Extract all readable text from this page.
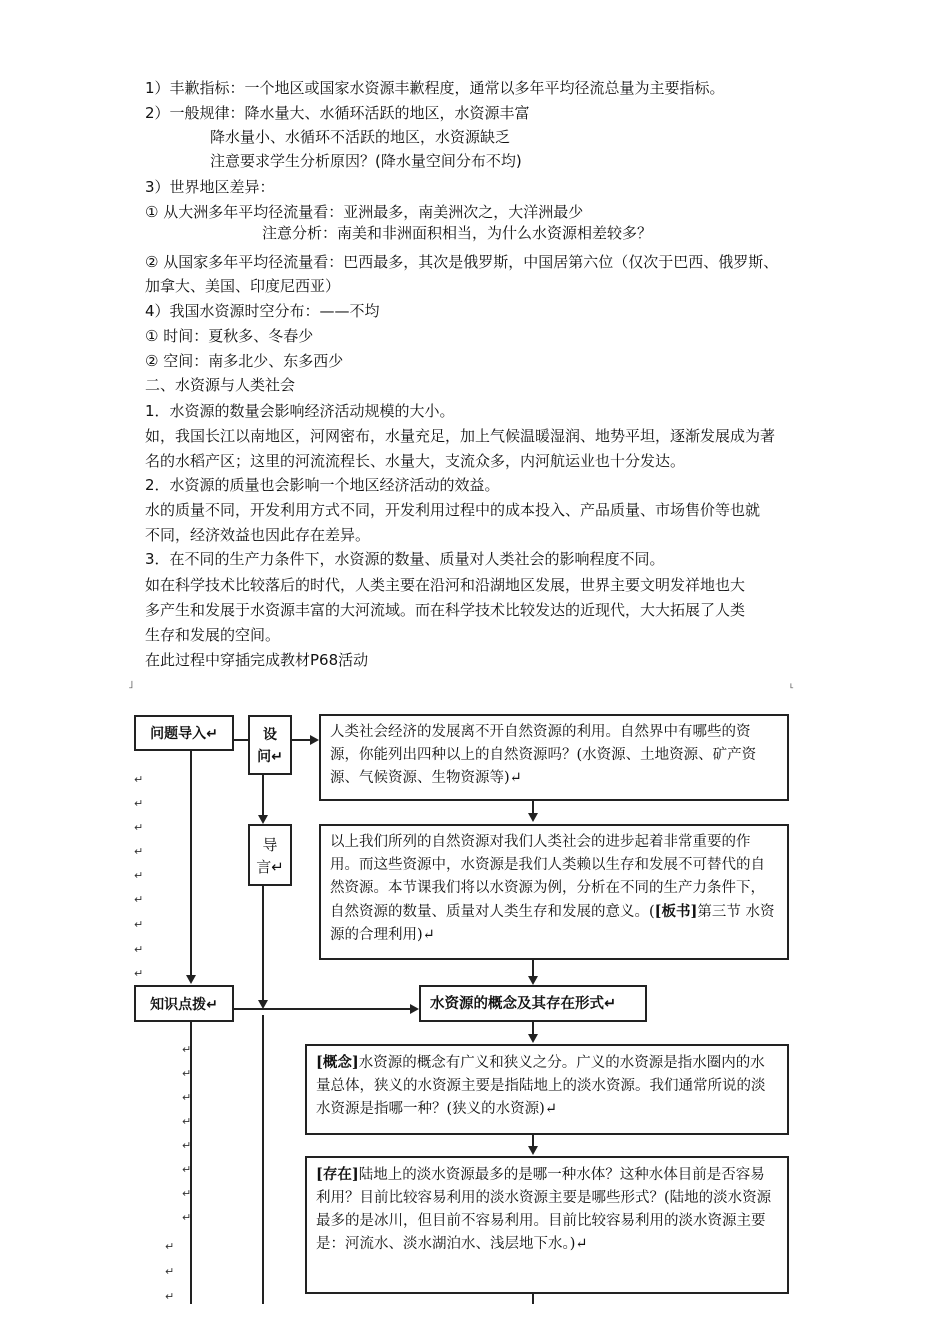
1）丰歉指标：一个地区或国家水资源丰歉程度，通常以多年平均径流总量为主要指标。
2）一般规律：降水量大、水循环活跃的地区，水资源丰富
降水量小、水循环不活跃的地区，水资源缺乏
注意要求学生分析原因？(降水量空间分布不均)
3）世界地区差异：
① 从大洲多年平均径流量看：亚洲最多，南美洲次之，大洋洲最少
注意分析：南美和非洲面积相当，为什么水资源相差较多？
② 从国家多年平均径流量看：巴西最多，其次是俄罗斯，中国居第六位（仅次于巴西、俄罗斯、
加拿大、美国、印度尼西亚）
4）我国水资源时空分布：——不均
① 时间：夏秋多、冬春少
② 空间：南多北少、东多西少
二、水资源与人类社会
1．水资源的数量会影响经济活动规模的大小。
如，我国长江以南地区，河网密布，水量充足，加上气候温暖湿润、地势平坦，逐渐发展成为著
名的水稻产区；这里的河流流程长、水量大，支流众多，内河航运业也十分发达。
2．水资源的质量也会影响一个地区经济活动的效益。
水的质量不同，开发利用方式不同，开发利用过程中的成本投入、产品质量、市场售价等也就
不同，经济效益也因此存在差异。
3．在不同的生产力条件下，水资源的数量、质量对人类社会的影响程度不同。
如在科学技术比较落后的时代，人类主要在沿河和沿湖地区发展，世界主要文明发祥地也大
多产生和发展于水资源丰富的大河流域。而在科学技术比较发达的近现代，大大拓展了人类
生存和发展的空间。
在此过程中穿插完成教材P68活动
˩	˪
问题导入↵	设
问↵
导
言↵
知识点拨↵
人类社会经济的发展离不开自然资源的利用。自然界中有哪些的资源，你能列出四种以上的自然资源吗？(水资源、土地资源、矿产资源、气候资源、生物资源等)↵
以上我们所列的自然资源对我们人类社会的进步起着非常重要的作用。而这些资源中，水资源是我们人类赖以生存和发展不可替代的自然资源。本节课我们将以水资源为例，分析在不同的生产力条件下，自然资源的数量、质量对人类生存和发展的意义。([板书]第三节 水资源的合理利用)↵
水资源的概念及其存在形式↵
[概念]水资源的概念有广义和狭义之分。广义的水资源是指水圈内的水量总体，狭义的水资源主要是指陆地上的淡水资源。我们通常所说的淡水资源是指哪一种？(狭义的水资源)↵
[存在]陆地上的淡水资源最多的是哪一种水体？这种水体目前是否容易利用？目前比较容易利用的淡水资源主要是哪些形式？(陆地的淡水资源最多的是冰川，但目前不容易利用。目前比较容易利用的淡水资源主要是：河流水、淡水湖泊水、浅层地下水。)↵
↵
↵
↵
↵
↵
↵
↵
↵
↵
↵
↵
↵
↵
↵
↵
↵
↵
↵
↵
↵
